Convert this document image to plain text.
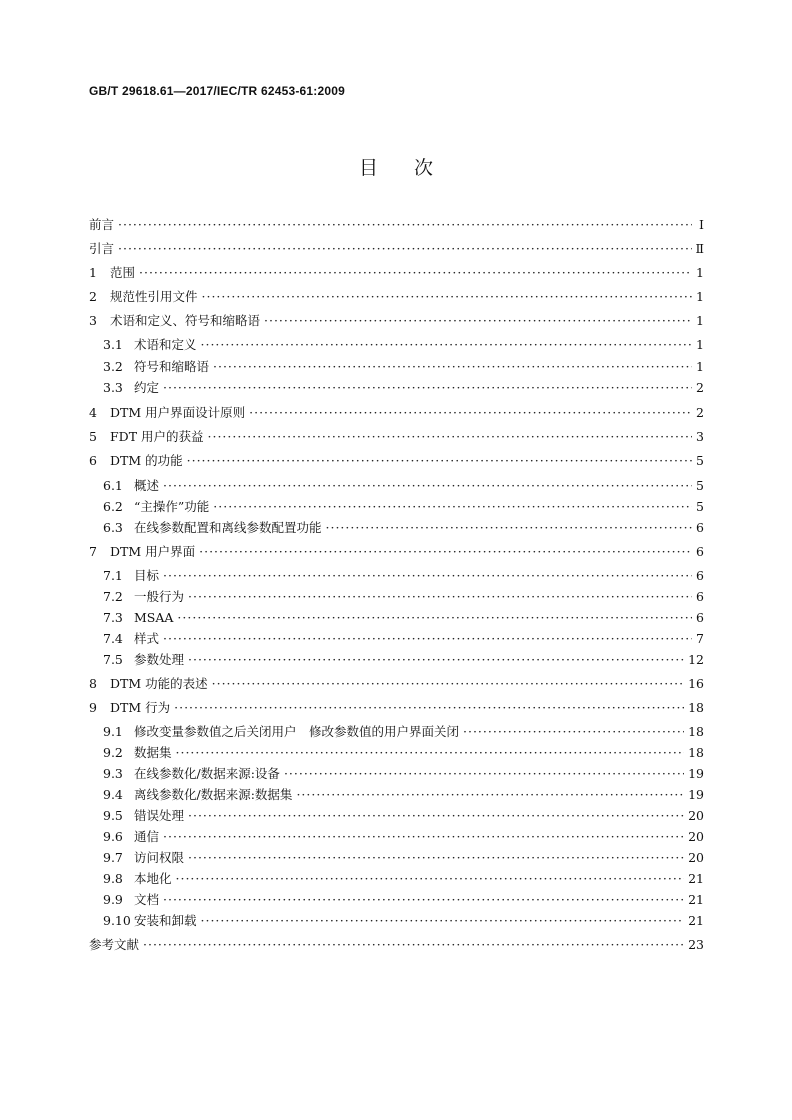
GB/T 29618.61—2017/IEC/TR 62453-61:2009
目次
前言 ·····	Ⅰ
引言 ·····	Ⅱ
1	范围 ·····	1
2	规范性引用文件 ·····	1
3	术语和定义、符号和缩略语 ·····	1
3.1 术语和定义 ·····	1
3.2 符号和缩略语 ·····	1
3.3 约定 ·····	2
4	DTM 用户界面设计原则 ·····	2
5	FDT 用户的获益 ·····	3
6	DTM 的功能 ·····	5
6.1 概述 ·····	5
6.2 “主操作”功能 ·····	5
6.3 在线参数配置和离线参数配置功能 ·····	6
7	DTM 用户界面 ·····	6
7.1 目标 ·····	6
7.2 一般行为 ·····	6
7.3 MSAA ·····	6
7.4 样式 ·····	7
7.5 参数处理 ·····	12
8	DTM 功能的表述 ·····	16
9	DTM 行为 ·····	18
9.1 修改变量参数值之后关闭用户　修改参数值的用户界面关闭 ·····	18
9.2 数据集 ·····	18
9.3 在线参数化/数据来源:设备 ·····	19
9.4 离线参数化/数据来源:数据集 ·····	19
9.5 错误处理 ·····	20
9.6 通信 ·····	20
9.7 访问权限 ·····	20
9.8 本地化 ·····	21
9.9 文档 ·····	21
9.10 安装和卸载 ·····	21
参考文献 ·····	23
